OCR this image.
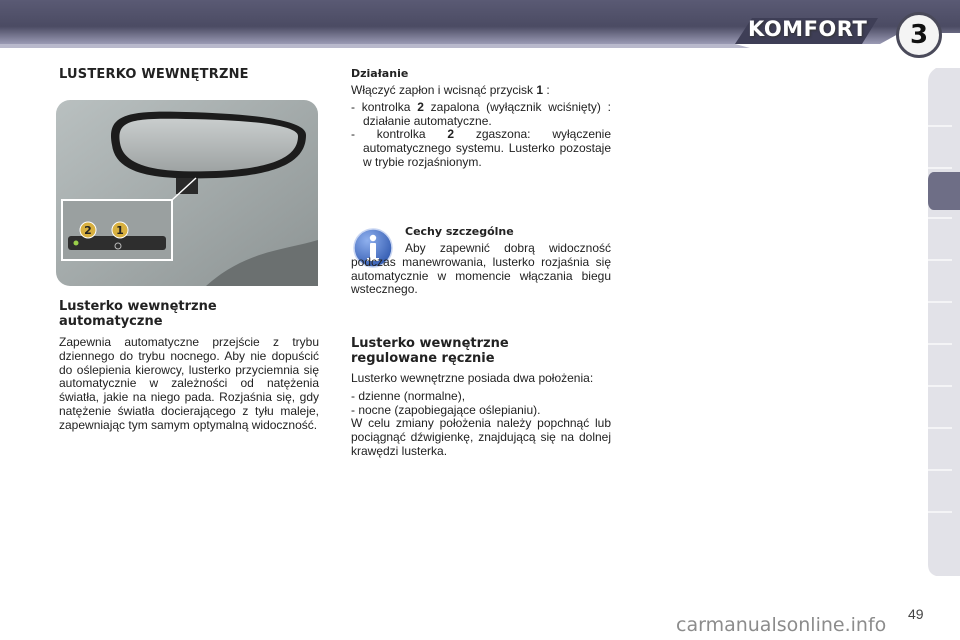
KOMFORT	3
LUSTERKO WEWNĘTRZNE
2 1
Lusterko wewnętrzne automatyczne

Zapewnia automatyczne przejście z trybu dziennego do trybu nocnego. Aby nie dopuścić do oślepienia kierowcy, lusterko przyciemnia się automatycznie w zależności od natężenia światła, jakie na niego pada. Rozjaśnia się, gdy natężenie światła docierającego z tyłu maleje, zapewniając tym samym optymalną widoczność.

Działanie

Włączyć zapłon i wcisnąć przycisk 1 :

- kontrolka 2 zapalona (wyłącznik wciśnięty) : działanie automatyczne.

- kontrolka 2 zgaszona: wyłączenie automatycznego systemu. Lusterko pozostaje w trybie rozjaśnionym.

Cechy szczególne
Aby zapewnić dobrą widoczność podczas manewrowania, lusterko rozjaśnia się automatycznie w momencie włączania biegu wstecznego.
Lusterko wewnętrzne regulowane ręcznie

Lusterko wewnętrzne posiada dwa położenia:

- dzienne (normalne),

- nocne (zapobiegające oślepianiu).

W celu zmiany położenia należy popchnąć lub pociągnąć dźwigienkę, znajdującą się na dolnej krawędzi lusterka.

49
carmanualsonline.info
